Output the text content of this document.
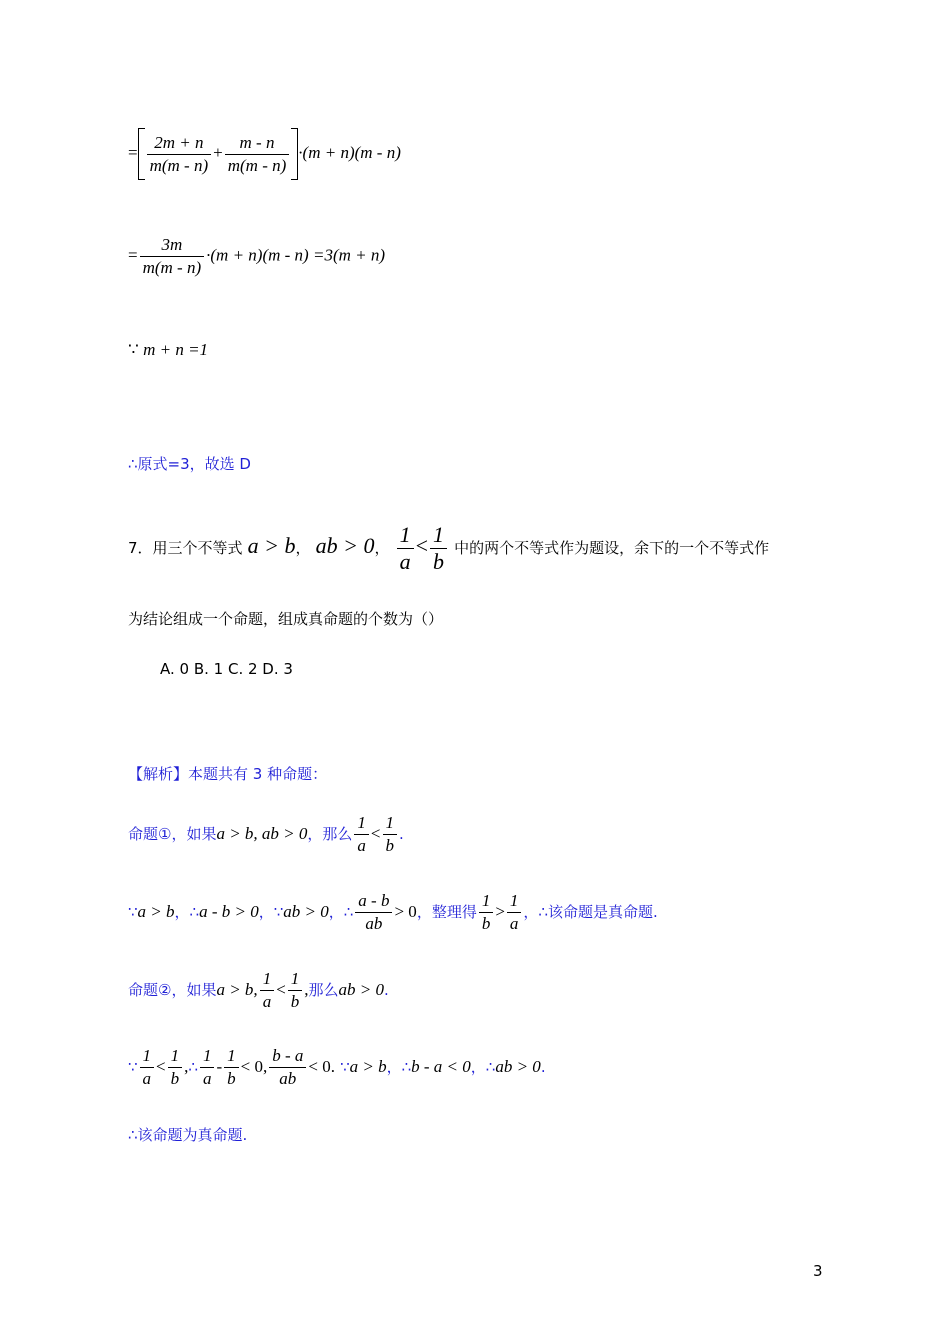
= $\frac{2m + n}{m(m - n)} + \frac{m - n}{m(m - n)} \cdot(m + n)(m - n)$
= $\frac{3m}{m(m - n)} \cdot(m + n)(m - n) =3(m + n)$
∵ m + n =1
∴原式=3，故选 D
7．用三个不等式 a > b， ab > 0， $\frac{1}{a} < \frac{1}{b}$ 中的两个不等式作为题设，余下的一个不等式作
为结论组成一个命题，组成真命题的个数为（）
A. 0 B. 1 C. 2 D. 3
【解析】本题共有 3 种命题：
命题①，如果a > b, ab > 0，那么 $\frac{1}{a} < \frac{1}{b}$ .
∵a > b，∴a - b > 0，∵ab > 0，∴ $\frac{a - b}{ab} > 0$，整理得 $\frac{1}{b} > \frac{1}{a}$ ，∴该命题是真命题.
命题②，如果a > b, $\frac{1}{a} < \frac{1}{b}$ ,那么ab > 0.
∵ $\frac{1}{a} < \frac{1}{b}$ ,∴ $\frac{1}{a} - \frac{1}{b} < 0$, $\frac{b - a}{ab} < 0$. ∵a > b，∴b - a < 0，∴ab > 0.
∴该命题为真命题.
3
